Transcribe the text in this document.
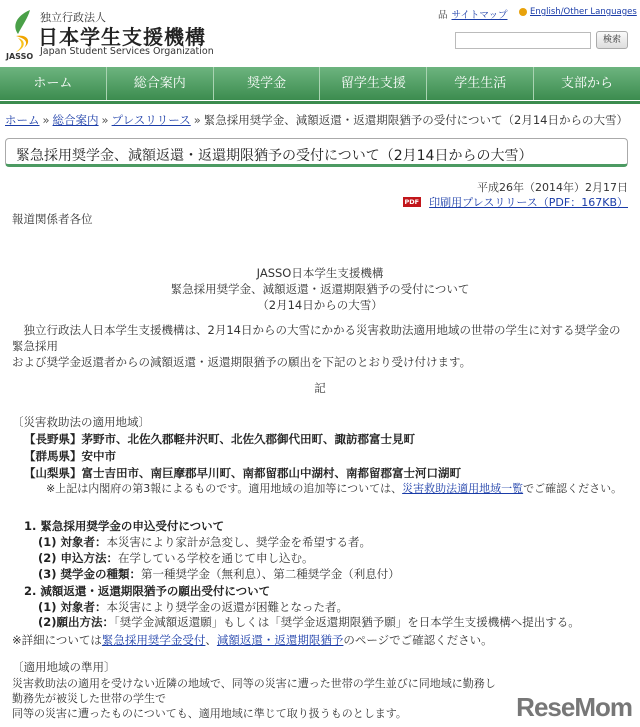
JASSO
独立行政法人
日本学生支援機構
Japan Student Services Organization
品 サイトマップ	English/Other Languages
検索
ホーム	総合案内	奨学金	留学生支援	学生生活	支部から
ホーム » 総合案内 » プレスリリース » 緊急採用奨学金、減額返還・返還期限猶予の受付について（2月14日からの大雪）
緊急採用奨学金、減額返還・返還期限猶予の受付について（2月14日からの大雪）
平成26年（2014年）2月17日
PDF 印刷用プレスリリース（PDF：167KB）
報道関係者各位
JASSO日本学生支援機構
緊急採用奨学金、減額返還・返還期限猶予の受付について
（2月14日からの大雪）
　独立行政法人日本学生支援機構は、2月14日からの大雪にかかる災害救助法適用地域の世帯の学生に対する奨学金の緊急採用
および奨学金返還者からの減額返還・返還期限猶予の願出を下記のとおり受け付けます。
記
〔災害救助法の適用地域〕
【長野県】茅野市、北佐久郡軽井沢町、北佐久郡御代田町、諏訪郡富士見町
【群馬県】安中市
【山梨県】富士吉田市、南巨摩郡早川町、南都留郡山中湖村、南都留郡富士河口湖町
※上記は内閣府の第3報によるものです。適用地域の追加等については、災害救助法適用地域一覧でご確認ください。
1. 緊急採用奨学金の申込受付について
(1) 対象者：本災害により家計が急変し、奨学金を希望する者。
(2) 申込方法：在学している学校を通じて申し込む。
(3) 奨学金の種類：第一種奨学金（無利息）、第二種奨学金（利息付）
2. 減額返還・返還期限猶予の願出受付について
(1) 対象者：本災害により奨学金の返還が困難となった者。
(2)願出方法：「奨学金減額返還願」もしくは「奨学金返還期限猶予願」を日本学生支援機構へ提出する。
※詳細については緊急採用奨学金受付、減額返還・返還期限猶予のページでご確認ください。
〔適用地域の準用〕
災害救助法の適用を受けない近隣の地域で、同等の災害に遭った世帯の学生並びに同地域に勤務し勤務先が被災した世帯の学生で
同等の災害に遭ったものについても、適用地域に準じて取り扱うものとします。	ReseMom
